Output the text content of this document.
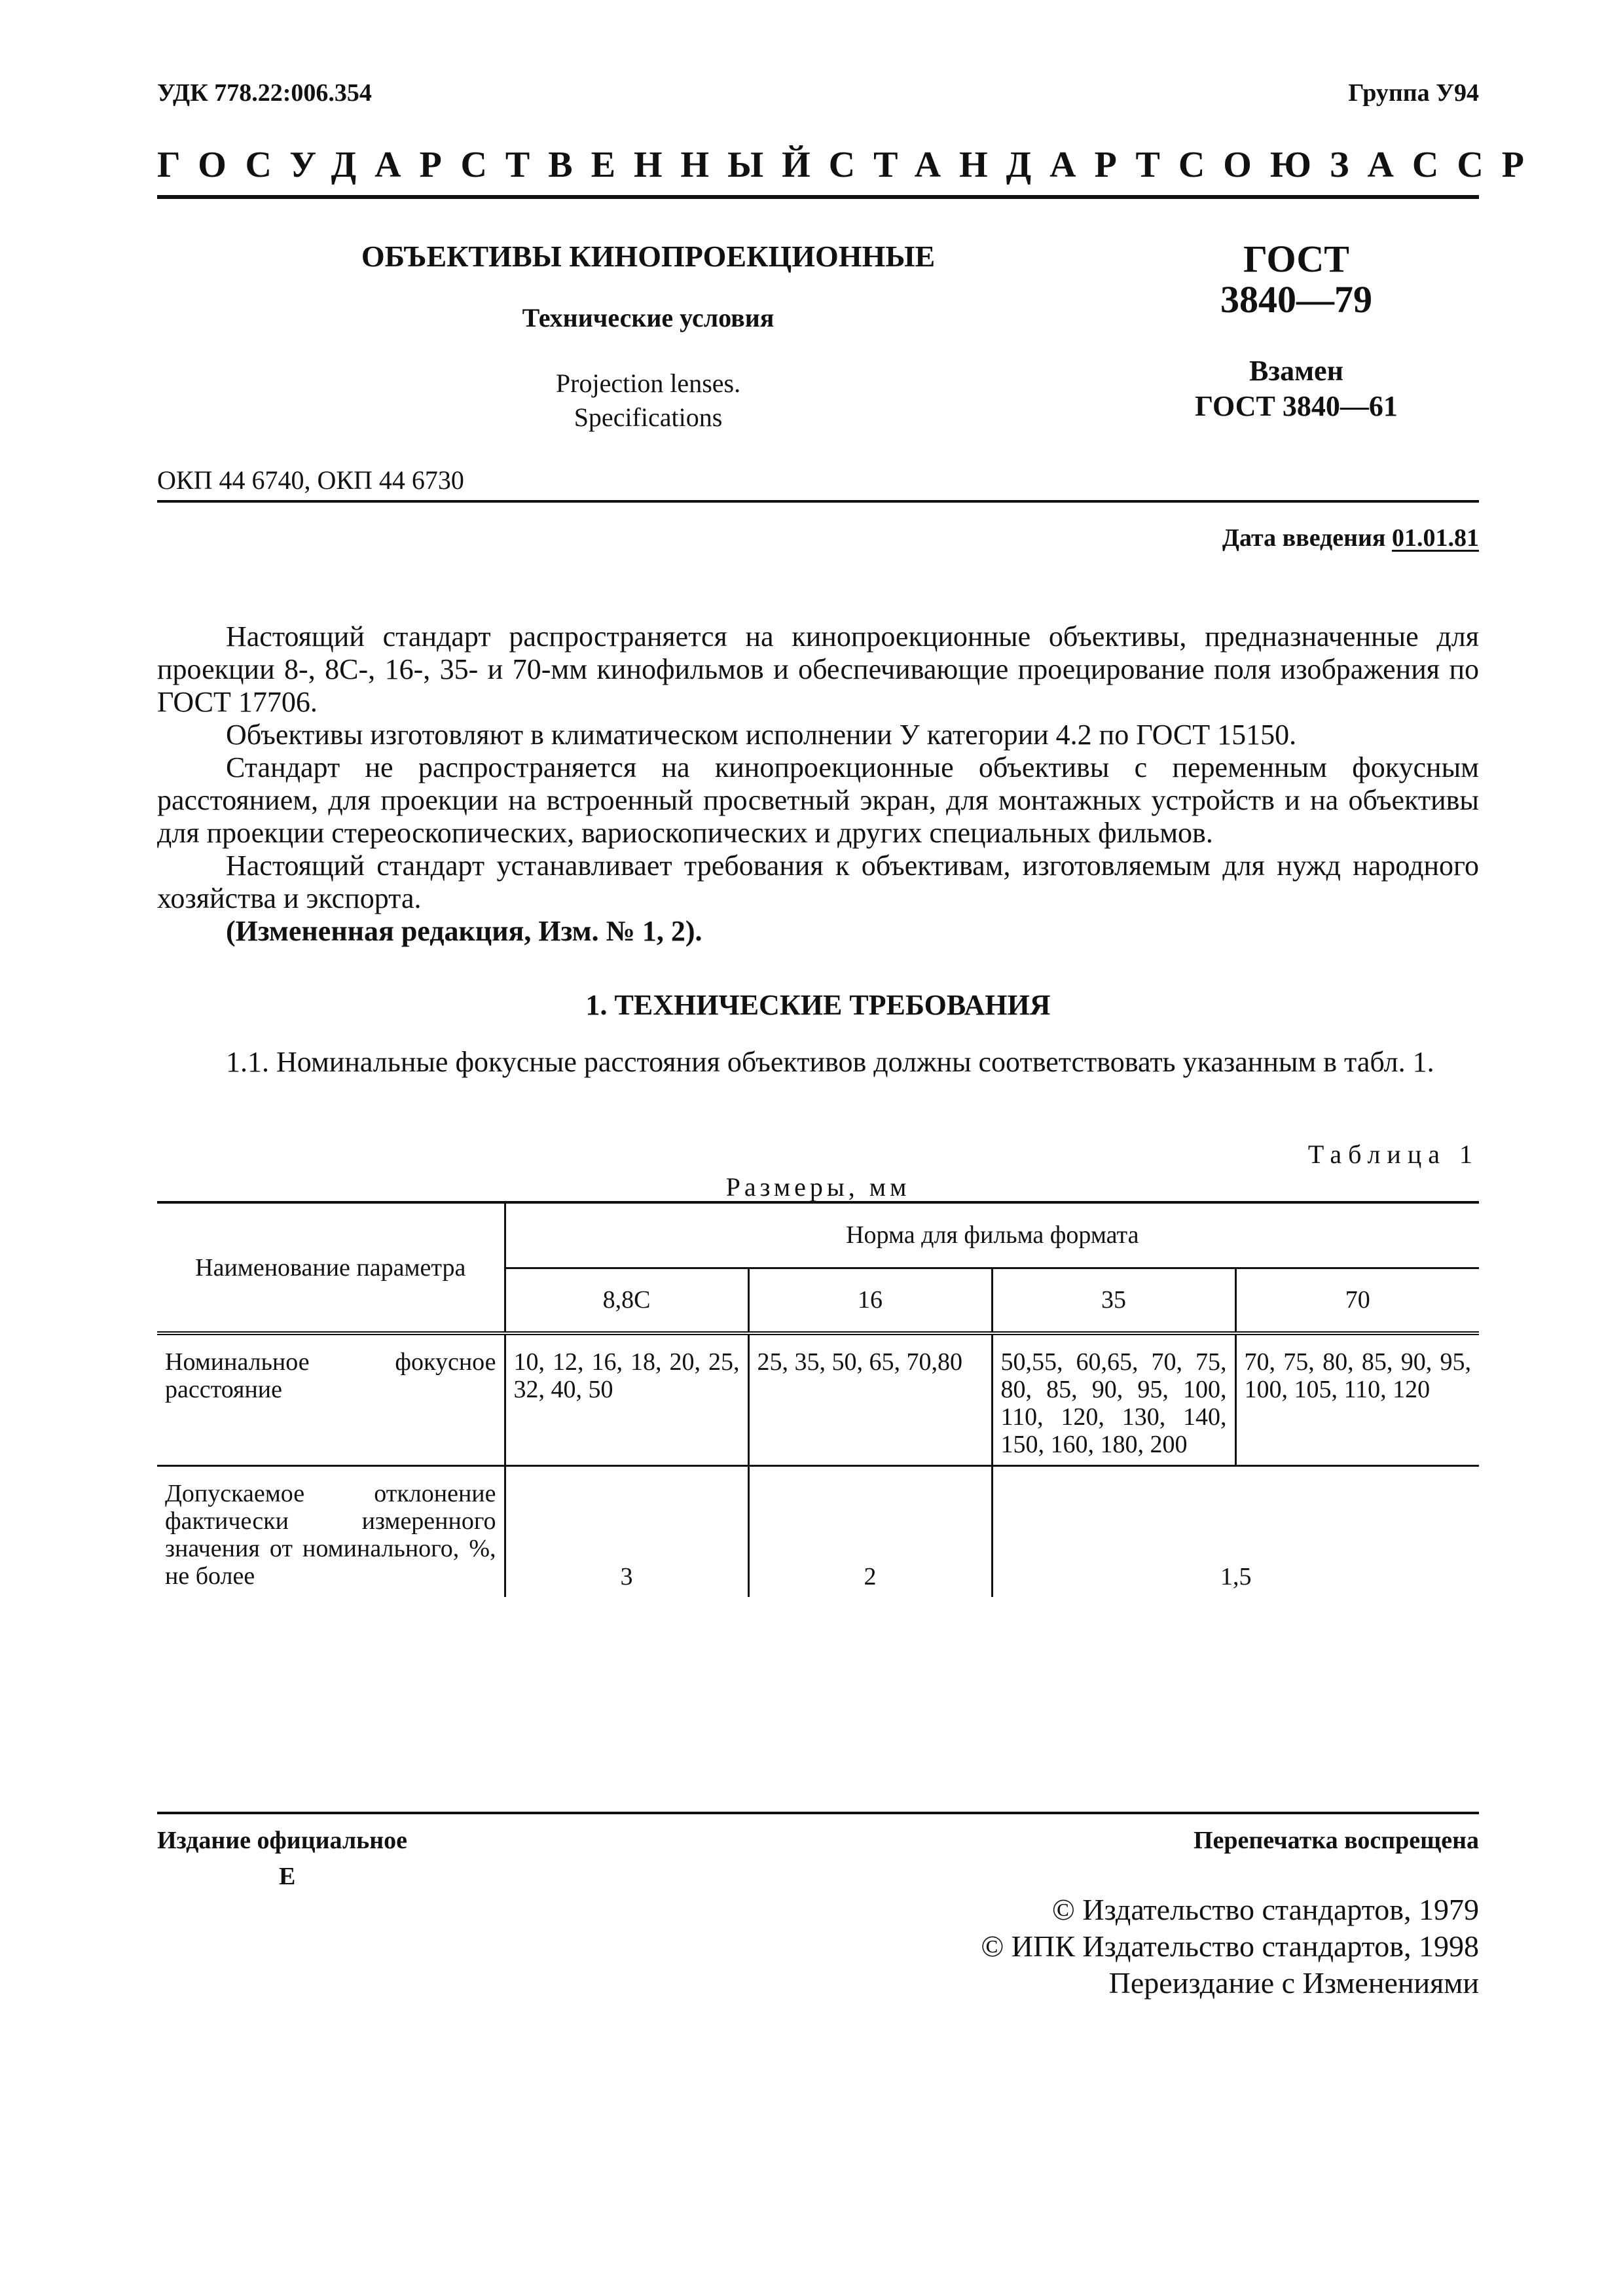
УДК 778.22:006.354	Группа У94
ГОСУДАРСТВЕННЫЙ СТАНДАРТ СОЮЗА ССР
ОБЪЕКТИВЫ КИНОПРОЕКЦИОННЫЕ
Технические условия
Projection lenses.
Specifications
ГОСТ
3840—79
Взамен
ГОСТ 3840—61
ОКП 44 6740, ОКП 44 6730
Дата введения 01.01.81
Настоящий стандарт распространяется на кинопроекционные объективы, предназначенные для проекции 8-, 8С-, 16-, 35- и 70-мм кинофильмов и обеспечивающие проецирование поля изображения по ГОСТ 17706.
Объективы изготовляют в климатическом исполнении У категории 4.2 по ГОСТ 15150.
Стандарт не распространяется на кинопроекционные объективы с переменным фокусным расстоянием, для проекции на встроенный просветный экран, для монтажных устройств и на объективы для проекции стереоскопических, вариоскопических и других специальных фильмов.
Настоящий стандарт устанавливает требования к объективам, изготовляемым для нужд народного хозяйства и экспорта.
(Измененная редакция, Изм. № 1, 2).
1. ТЕХНИЧЕСКИЕ ТРЕБОВАНИЯ
1.1. Номинальные фокусные расстояния объективов должны соответствовать указанным в табл. 1.
Таблица 1
Размеры, мм
Наименование параметра	Норма для фильма формата			
	8,8С	16	35	70
Номинальное фокусное расстояние	10, 12, 16, 18, 20, 25, 32, 40, 50	25, 35, 50, 65, 70,80	50,55, 60,65, 70, 75, 80, 85, 90, 95, 100, 110, 120, 130, 140, 150, 160, 180, 200	70, 75, 80, 85, 90, 95, 100, 105, 110, 120
Допускаемое отклонение фактически измеренного значения от номинального, %, не более	3	2	1,5	
Издание официальное
Е
Перепечатка воспрещена
© Издательство стандартов, 1979
© ИПК Издательство стандартов, 1998
Переиздание с Изменениями
